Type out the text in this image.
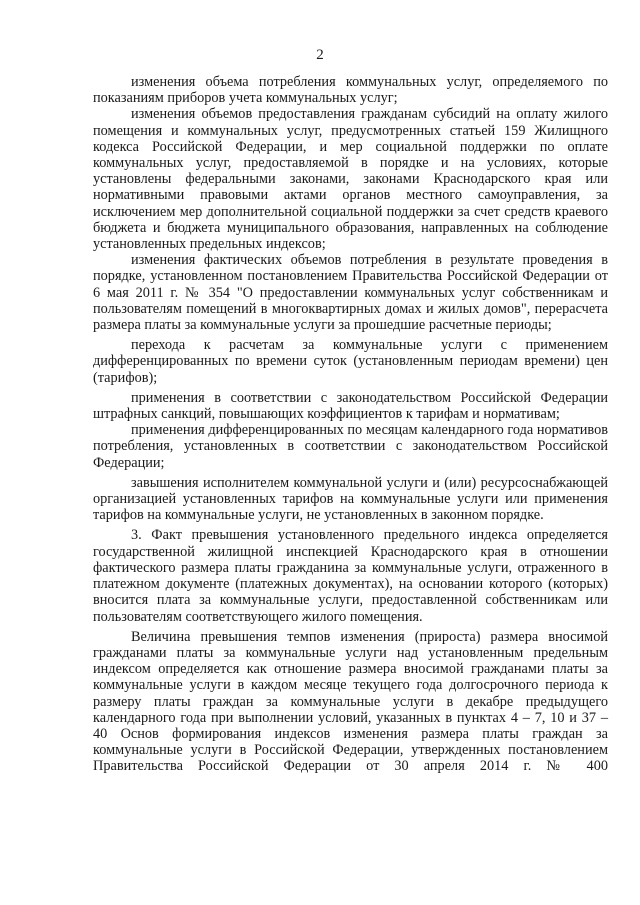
2

изменения объема потребления коммунальных услуг, определяемого по показаниям приборов учета коммунальных услуг;

изменения объемов предоставления гражданам субсидий на оплату жилого помещения и коммунальных услуг, предусмотренных статьей 159 Жилищного кодекса Российской Федерации, и мер социальной поддержки по оплате коммунальных услуг, предоставляемой в порядке и на условиях, которые установлены федеральными законами, законами Краснодарского края или нормативными правовыми актами органов местного самоуправления, за исключением мер дополнительной социальной поддержки за счет средств краевого бюджета и бюджета муниципального образования, направленных на соблюдение установленных предельных индексов;

изменения фактических объемов потребления в результате проведения в порядке, установленном постановлением Правительства Российской Федерации от 6 мая 2011 г. № 354 "О предоставлении коммунальных услуг собственникам и пользователям помещений в многоквартирных домах и жилых домов", перерасчета размера платы за коммунальные услуги за прошедшие расчетные периоды;

перехода к расчетам за коммунальные услуги с применением дифференцированных по времени суток (установленным периодам времени) цен (тарифов);

применения в соответствии с законодательством Российской Федерации штрафных санкций, повышающих коэффициентов к тарифам и нормативам;

применения дифференцированных по месяцам календарного года нормативов потребления, установленных в соответствии с законодательством Российской Федерации;

завышения исполнителем коммунальной услуги и (или) ресурсоснабжающей организацией установленных тарифов на коммунальные услуги или применения тарифов на коммунальные услуги, не установленных в законном порядке.

3. Факт превышения установленного предельного индекса определяется государственной жилищной инспекцией Краснодарского края в отношении фактического размера платы гражданина за коммунальные услуги, отраженного в платежном документе (платежных документах), на основании которого (которых) вносится плата за коммунальные услуги, предоставленной собственникам или пользователям соответствующего жилого помещения.

Величина превышения темпов изменения (прироста) размера вносимой гражданами платы за коммунальные услуги над установленным предельным индексом определяется как отношение размера вносимой гражданами платы за коммунальные услуги в каждом месяце текущего года долгосрочного периода к размеру платы граждан за коммунальные услуги в декабре предыдущего календарного года при выполнении условий, указанных в пунктах 4 – 7, 10 и 37 – 40 Основ формирования индексов изменения размера платы граждан за коммунальные услуги в Российской Федерации, утвержденных постановлением Правительства Российской Федерации от 30 апреля 2014 г. № 400
